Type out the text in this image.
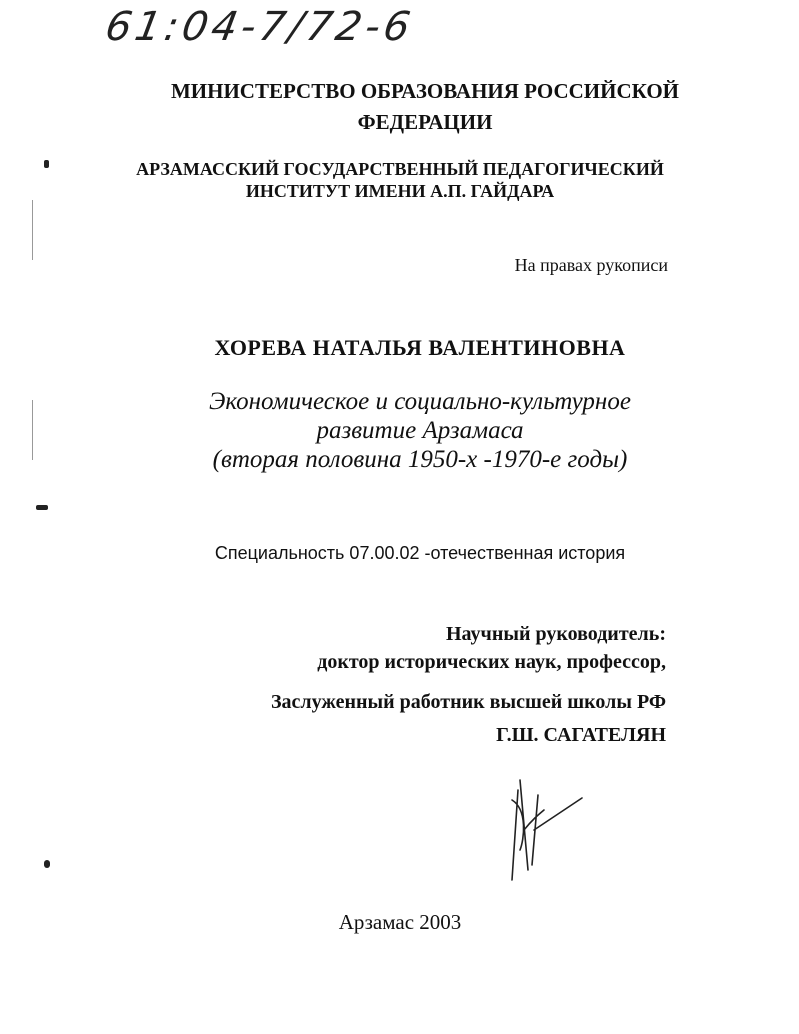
61:04-7/72-6
МИНИСТЕРСТВО ОБРАЗОВАНИЯ РОССИЙСКОЙ
ФЕДЕРАЦИИ
АРЗАМАССКИЙ ГОСУДАРСТВЕННЫЙ ПЕДАГОГИЧЕСКИЙ
ИНСТИТУТ ИМЕНИ А.П. ГАЙДАРА
На правах рукописи
ХОРЕВА НАТАЛЬЯ ВАЛЕНТИНОВНА
Экономическое и социально-культурное
развитие Арзамаса
(вторая половина 1950-х -1970-е годы)
Специальность 07.00.02 -отечественная история
Научный руководитель:
доктор исторических наук, профессор,
Заслуженный работник высшей школы РФ
Г.Ш. САГАТЕЛЯН
Арзамас 2003
